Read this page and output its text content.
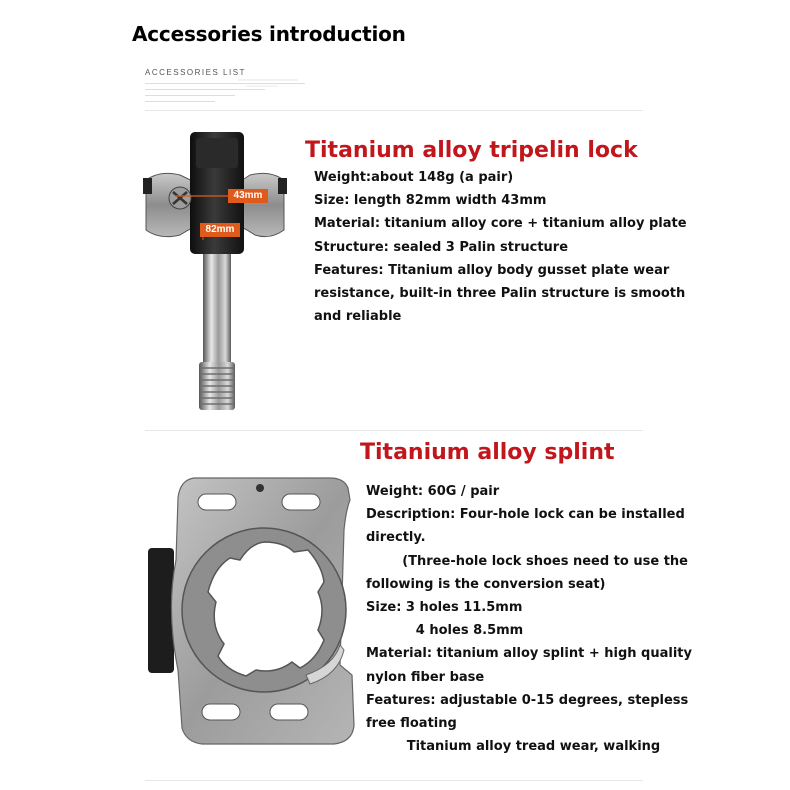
Accessories introduction
ACCESSORIES LIST
Titanium alloy tripelin lock
43mm
82mm
Weight:about 148g (a pair)
Size: length 82mm width 43mm
Material: titanium alloy core + titanium alloy plate
Structure: sealed 3 Palin structure
Features: Titanium alloy body gusset plate wear
resistance, built-in three Palin structure is smooth
and reliable
Titanium alloy splint
Weight: 60G / pair
Description: Four-hole lock can be installed
directly.
(Three-hole lock shoes need to use the
following is the conversion seat)
Size: 3 holes 11.5mm
4 holes 8.5mm
Material: titanium alloy splint + high quality
nylon fiber base
Features: adjustable 0-15 degrees, stepless
free floating
Titanium alloy tread wear, walking
